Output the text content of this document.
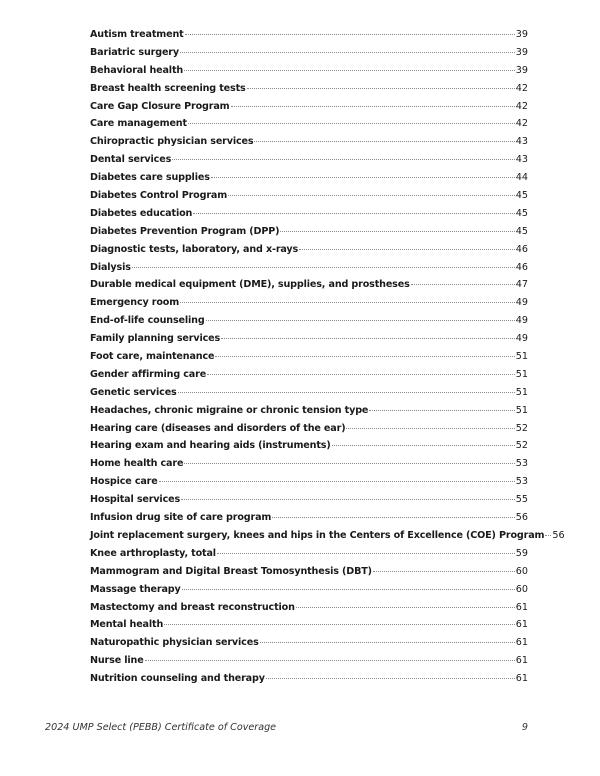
Autism treatment	39
Bariatric surgery	39
Behavioral health	39
Breast health screening tests	42
Care Gap Closure Program	42
Care management	42
Chiropractic physician services	43
Dental services	43
Diabetes care supplies	44
Diabetes Control Program	45
Diabetes education	45
Diabetes Prevention Program (DPP)	45
Diagnostic tests, laboratory, and x-rays	46
Dialysis	46
Durable medical equipment (DME), supplies, and prostheses	47
Emergency room	49
End-of-life counseling	49
Family planning services	49
Foot care, maintenance	51
Gender affirming care	51
Genetic services	51
Headaches, chronic migraine or chronic tension type	51
Hearing care (diseases and disorders of the ear)	52
Hearing exam and hearing aids (instruments)	52
Home health care	53
Hospice care	53
Hospital services	55
Infusion drug site of care program	56
Joint replacement surgery, knees and hips in the Centers of Excellence (COE) Program 56
Knee arthroplasty, total	59
Mammogram and Digital Breast Tomosynthesis (DBT)	60
Massage therapy	60
Mastectomy and breast reconstruction	61
Mental health	61
Naturopathic physician services	61
Nurse line	61
Nutrition counseling and therapy	61
2024 UMP Select (PEBB) Certificate of Coverage	9
